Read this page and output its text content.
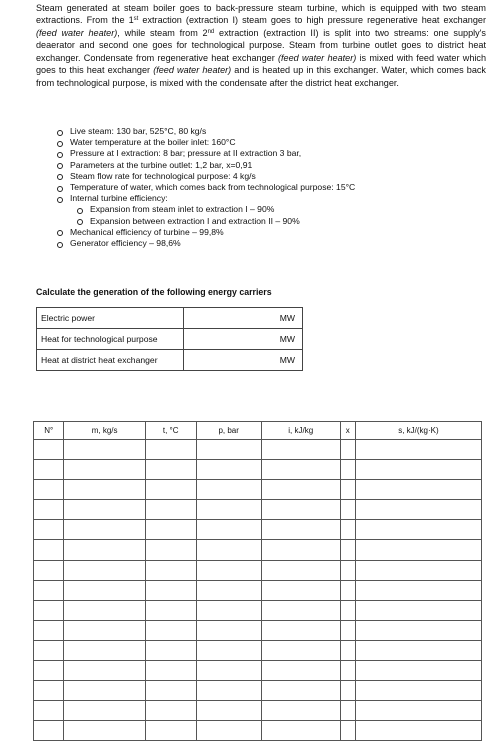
Steam generated at steam boiler goes to back-pressure steam turbine, which is equipped with two steam extractions. From the 1st extraction (extraction I) steam goes to high pressure regenerative heat exchanger (feed water heater), while steam from 2nd extraction (extraction II) is split into two streams: one supply's deaerator and second one goes for technological purpose. Steam from turbine outlet goes to district heat exchanger. Condensate from regenerative heat exchanger (feed water heater) is mixed with feed water which goes to this heat exchanger (feed water heater) and is heated up in this exchanger. Water, which comes back from technological purpose, is mixed with the condensate after the district heat exchanger.
Live steam: 130 bar, 525°C, 80 kg/s
Water temperature at the boiler inlet: 160°C
Pressure at I extraction: 8 bar; pressure at II extraction 3 bar,
Parameters at the turbine outlet: 1,2 bar, x=0,91
Steam flow rate for technological purpose: 4 kg/s
Temperature of water, which comes back from technological purpose: 15°C
Internal turbine efficiency:
Expansion from steam inlet to extraction I – 90%
Expansion between extraction I and extraction II – 90%
Mechanical efficiency of turbine – 99,8%
Generator efficiency – 98,6%
Calculate the generation of the following energy carriers
Electric power	MW
Heat for technological purpose	MW
Heat at district heat exchanger	MW
N°	m, kg/s	t, °C	p, bar	i, kJ/kg	x	s, kJ/(kg·K)
